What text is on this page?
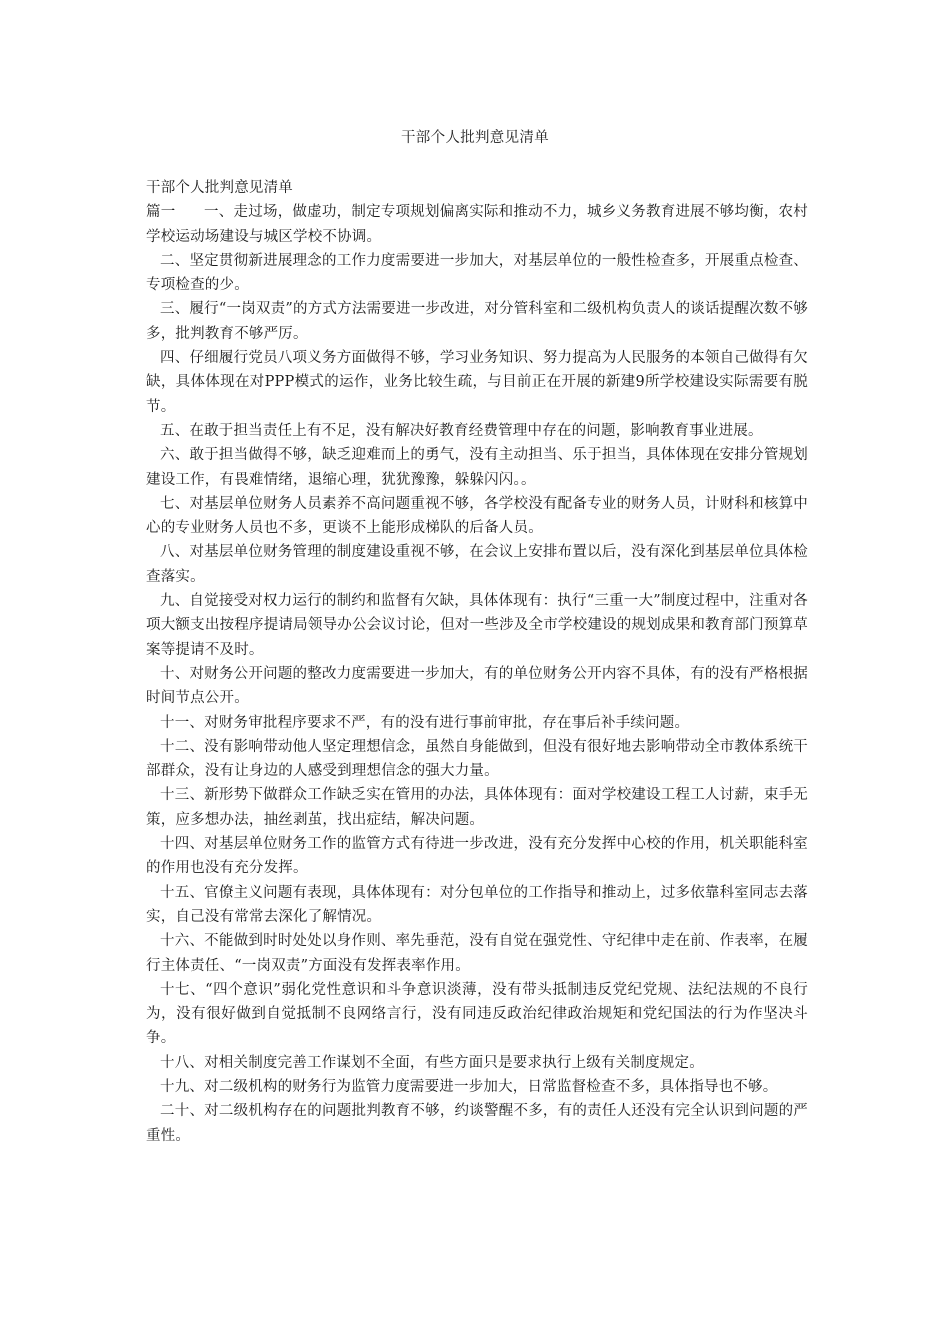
干部个人批判意见清单

干部个人批判意见清单

篇一 一、走过场，做虚功，制定专项规划偏离实际和推动不力，城乡义务教育进展不够均衡，农村学校运动场建设与城区学校不协调。

二、坚定贯彻新进展理念的工作力度需要进一步加大，对基层单位的一般性检查多，开展重点检查、专项检查的少。

三、履行“一岗双责”的方式方法需要进一步改进，对分管科室和二级机构负责人的谈话提醒次数不够多，批判教育不够严厉。

四、仔细履行党员八项义务方面做得不够，学习业务知识、努力提高为人民服务的本领自己做得有欠缺，具体体现在对PPP模式的运作，业务比较生疏，与目前正在开展的新建9所学校建设实际需要有脱节。

五、在敢于担当责任上有不足，没有解决好教育经费管理中存在的问题，影响教育事业进展。

六、敢于担当做得不够，缺乏迎难而上的勇气，没有主动担当、乐于担当，具体体现在安排分管规划建设工作，有畏难情绪，退缩心理，犹犹豫豫，躲躲闪闪。。

七、对基层单位财务人员素养不高问题重视不够，各学校没有配备专业的财务人员，计财科和核算中心的专业财务人员也不多，更谈不上能形成梯队的后备人员。

八、对基层单位财务管理的制度建设重视不够，在会议上安排布置以后，没有深化到基层单位具体检查落实。

九、自觉接受对权力运行的制约和监督有欠缺，具体体现有：执行“三重一大”制度过程中，注重对各项大额支出按程序提请局领导办公会议讨论，但对一些涉及全市学校建设的规划成果和教育部门预算草案等提请不及时。

十、对财务公开问题的整改力度需要进一步加大，有的单位财务公开内容不具体，有的没有严格根据时间节点公开。

十一、对财务审批程序要求不严，有的没有进行事前审批，存在事后补手续问题。

十二、没有影响带动他人坚定理想信念，虽然自身能做到，但没有很好地去影响带动全市教体系统干部群众，没有让身边的人感受到理想信念的强大力量。

十三、新形势下做群众工作缺乏实在管用的办法，具体体现有：面对学校建设工程工人讨薪，束手无策，应多想办法，抽丝剥茧，找出症结，解决问题。

十四、对基层单位财务工作的监管方式有待进一步改进，没有充分发挥中心校的作用，机关职能科室的作用也没有充分发挥。

十五、官僚主义问题有表现，具体体现有：对分包单位的工作指导和推动上，过多依靠科室同志去落实，自己没有常常去深化了解情况。

十六、不能做到时时处处以身作则、率先垂范，没有自觉在强党性、守纪律中走在前、作表率，在履行主体责任、“一岗双责”方面没有发挥表率作用。

十七、“四个意识”弱化党性意识和斗争意识淡薄，没有带头抵制违反党纪党规、法纪法规的不良行为，没有很好做到自觉抵制不良网络言行，没有同违反政治纪律政治规矩和党纪国法的行为作坚决斗争。

十八、对相关制度完善工作谋划不全面，有些方面只是要求执行上级有关制度规定。

十九、对二级机构的财务行为监管力度需要进一步加大，日常监督检查不多，具体指导也不够。

二十、对二级机构存在的问题批判教育不够，约谈警醒不多，有的责任人还没有完全认识到问题的严重性。
